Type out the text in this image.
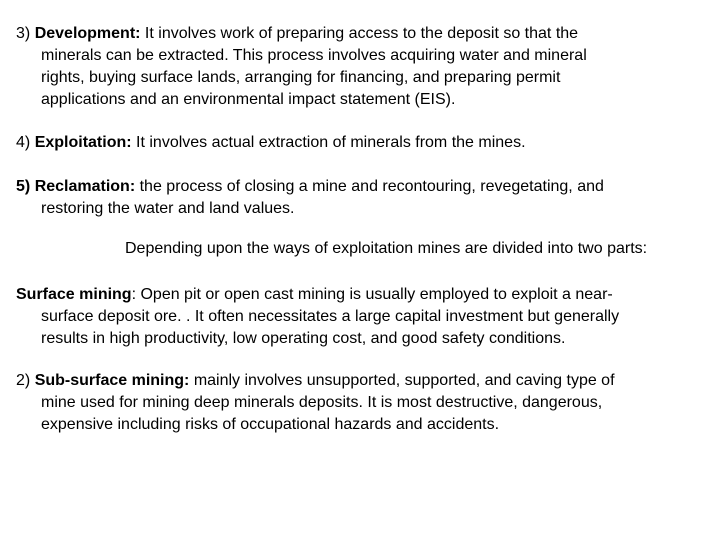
3) Development: It involves work of preparing access to the deposit so that the
minerals can be extracted. This process involves acquiring water and mineral
rights, buying surface lands, arranging for financing, and preparing permit
applications and an environmental impact statement (EIS).

4) Exploitation: It involves actual extraction of minerals from the mines.

5) Reclamation: the process of closing a mine and recontouring, revegetating, and
restoring the water and land values.

Depending upon the ways of exploitation mines are divided into two parts:

Surface mining: Open pit or open cast mining is usually employed to exploit a near-
surface deposit ore. . It often necessitates a large capital investment but generally
results in high productivity, low operating cost, and good safety conditions.

2) Sub-surface mining: mainly involves unsupported, supported, and caving type of
mine used for mining deep minerals deposits. It is most destructive, dangerous,
expensive including risks of occupational hazards and accidents.
